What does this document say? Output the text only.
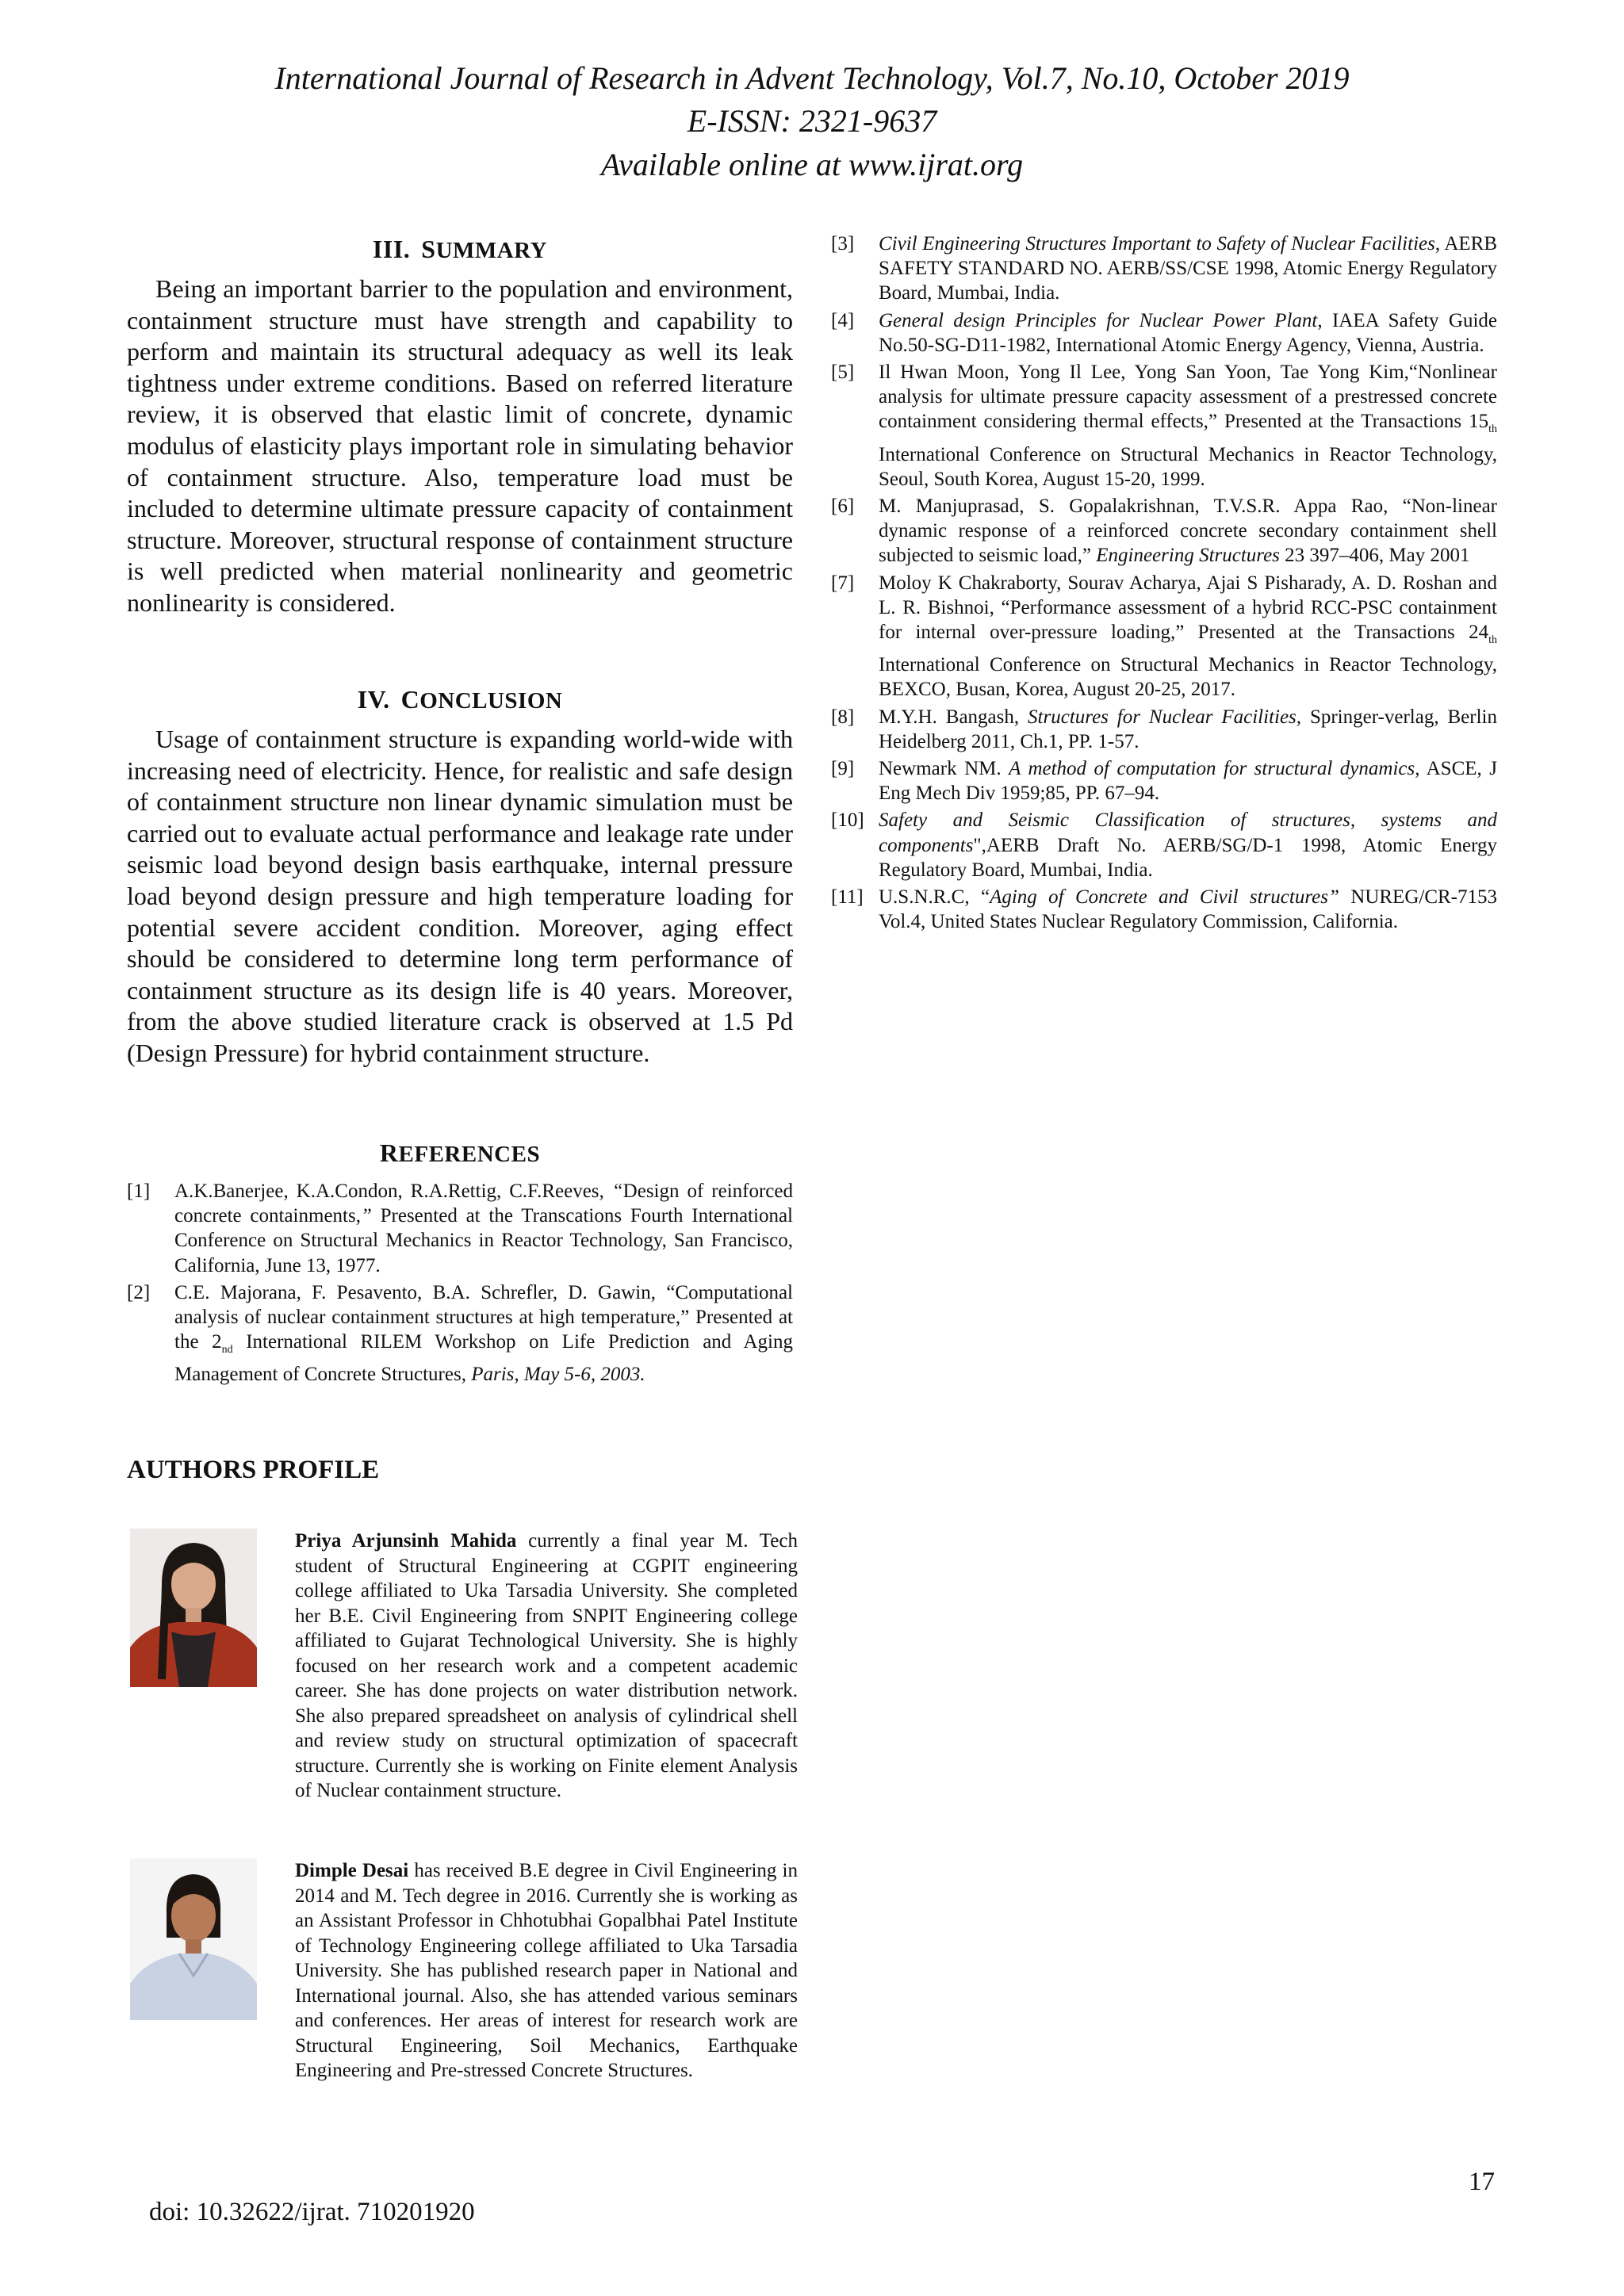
International Journal of Research in Advent Technology, Vol.7, No.10, October 2019
E-ISSN: 2321-9637
Available online at www.ijrat.org
III. SUMMARY

Being an important barrier to the population and environment, containment structure must have strength and capability to perform and maintain its structural adequacy as well its leak tightness under extreme conditions. Based on referred literature review, it is observed that elastic limit of concrete, dynamic modulus of elasticity plays important role in simulating behavior of containment structure. Also, temperature load must be included to determine ultimate pressure capacity of containment structure. Moreover, structural response of containment structure is well predicted when material nonlinearity and geometric nonlinearity is considered.

IV. CONCLUSION

Usage of containment structure is expanding world-wide with increasing need of electricity. Hence, for realistic and safe design of containment structure non linear dynamic simulation must be carried out to evaluate actual performance and leakage rate under seismic load beyond design basis earthquake, internal pressure load beyond design pressure and high temperature loading for potential severe accident condition. Moreover, aging effect should be considered to determine long term performance of containment structure as its design life is 40 years. Moreover, from the above studied literature crack is observed at 1.5 Pd (Design Pressure) for hybrid containment structure.

REFERENCES
[1]	A.K.Banerjee, K.A.Condon, R.A.Rettig, C.F.Reeves, “Design of reinforced concrete containments,” Presented at the Transcations Fourth International Conference on Structural Mechanics in Reactor Technology, San Francisco, California, June 13, 1977.
[2]	C.E. Majorana, F. Pesavento, B.A. Schrefler, D. Gawin, “Computational analysis of nuclear containment structures at high temperature,” Presented at the $2_{nd}$ International RILEM Workshop on Life Prediction and Aging Management of Concrete Structures, Paris, May 5-6, 2003.
AUTHORS PROFILE
Priya Arjunsinh Mahida currently a final year M. Tech student of Structural Engineering at CGPIT engineering college affiliated to Uka Tarsadia University. She completed her B.E. Civil Engineering from SNPIT Engineering college affiliated to Gujarat Technological University. She is highly focused on her research work and a competent academic career. She has done projects on water distribution network. She also prepared spreadsheet on analysis of cylindrical shell and review study on structural optimization of spacecraft structure. Currently she is working on Finite element Analysis of Nuclear containment structure.
Dimple Desai has received B.E degree in Civil Engineering in 2014 and M. Tech degree in 2016. Currently she is working as an Assistant Professor in Chhotubhai Gopalbhai Patel Institute of Technology Engineering college affiliated to Uka Tarsadia University. She has published research paper in National and International journal. Also, she has attended various seminars and conferences. Her areas of interest for research work are Structural Engineering, Soil Mechanics, Earthquake Engineering and Pre-stressed Concrete Structures.
[3]	Civil Engineering Structures Important to Safety of Nuclear Facilities, AERB SAFETY STANDARD NO. AERB/SS/CSE 1998, Atomic Energy Regulatory Board, Mumbai, India.
[4]	General design Principles for Nuclear Power Plant, IAEA Safety Guide No.50-SG-D11-1982, International Atomic Energy Agency, Vienna, Austria.
[5]	Il Hwan Moon, Yong Il Lee, Yong San Yoon, Tae Yong Kim,“Nonlinear analysis for ultimate pressure capacity assessment of a prestressed concrete containment considering thermal effects,” Presented at the Transactions $15_{th}$ International Conference on Structural Mechanics in Reactor Technology, Seoul, South Korea, August 15-20, 1999.
[6]	M. Manjuprasad, S. Gopalakrishnan, T.V.S.R. Appa Rao, “Non-linear dynamic response of a reinforced concrete secondary containment shell subjected to seismic load,” Engineering Structures 23 397–406, May 2001
[7]	Moloy K Chakraborty, Sourav Acharya, Ajai S Pisharady, A. D. Roshan and L. R. Bishnoi, “Performance assessment of a hybrid RCC-PSC containment for internal over-pressure loading,” Presented at the Transactions $24_{th}$ International Conference on Structural Mechanics in Reactor Technology, BEXCO, Busan, Korea, August 20-25, 2017.
[8]	M.Y.H. Bangash, Structures for Nuclear Facilities, Springer-verlag, Berlin Heidelberg 2011, Ch.1, PP. 1-57.
[9]	Newmark NM. A method of computation for structural dynamics, ASCE, J Eng Mech Div 1959;85, PP. 67–94.
[10] Safety and Seismic Classification of structures, systems and components",AERB Draft No. AERB/SG/D-1 1998, Atomic Energy Regulatory Board, Mumbai, India.
[11] U.S.N.R.C, “Aging of Concrete and Civil structures” NUREG/CR-7153 Vol.4, United States Nuclear Regulatory Commission, California.
17
doi: 10.32622/ijrat. 710201920
